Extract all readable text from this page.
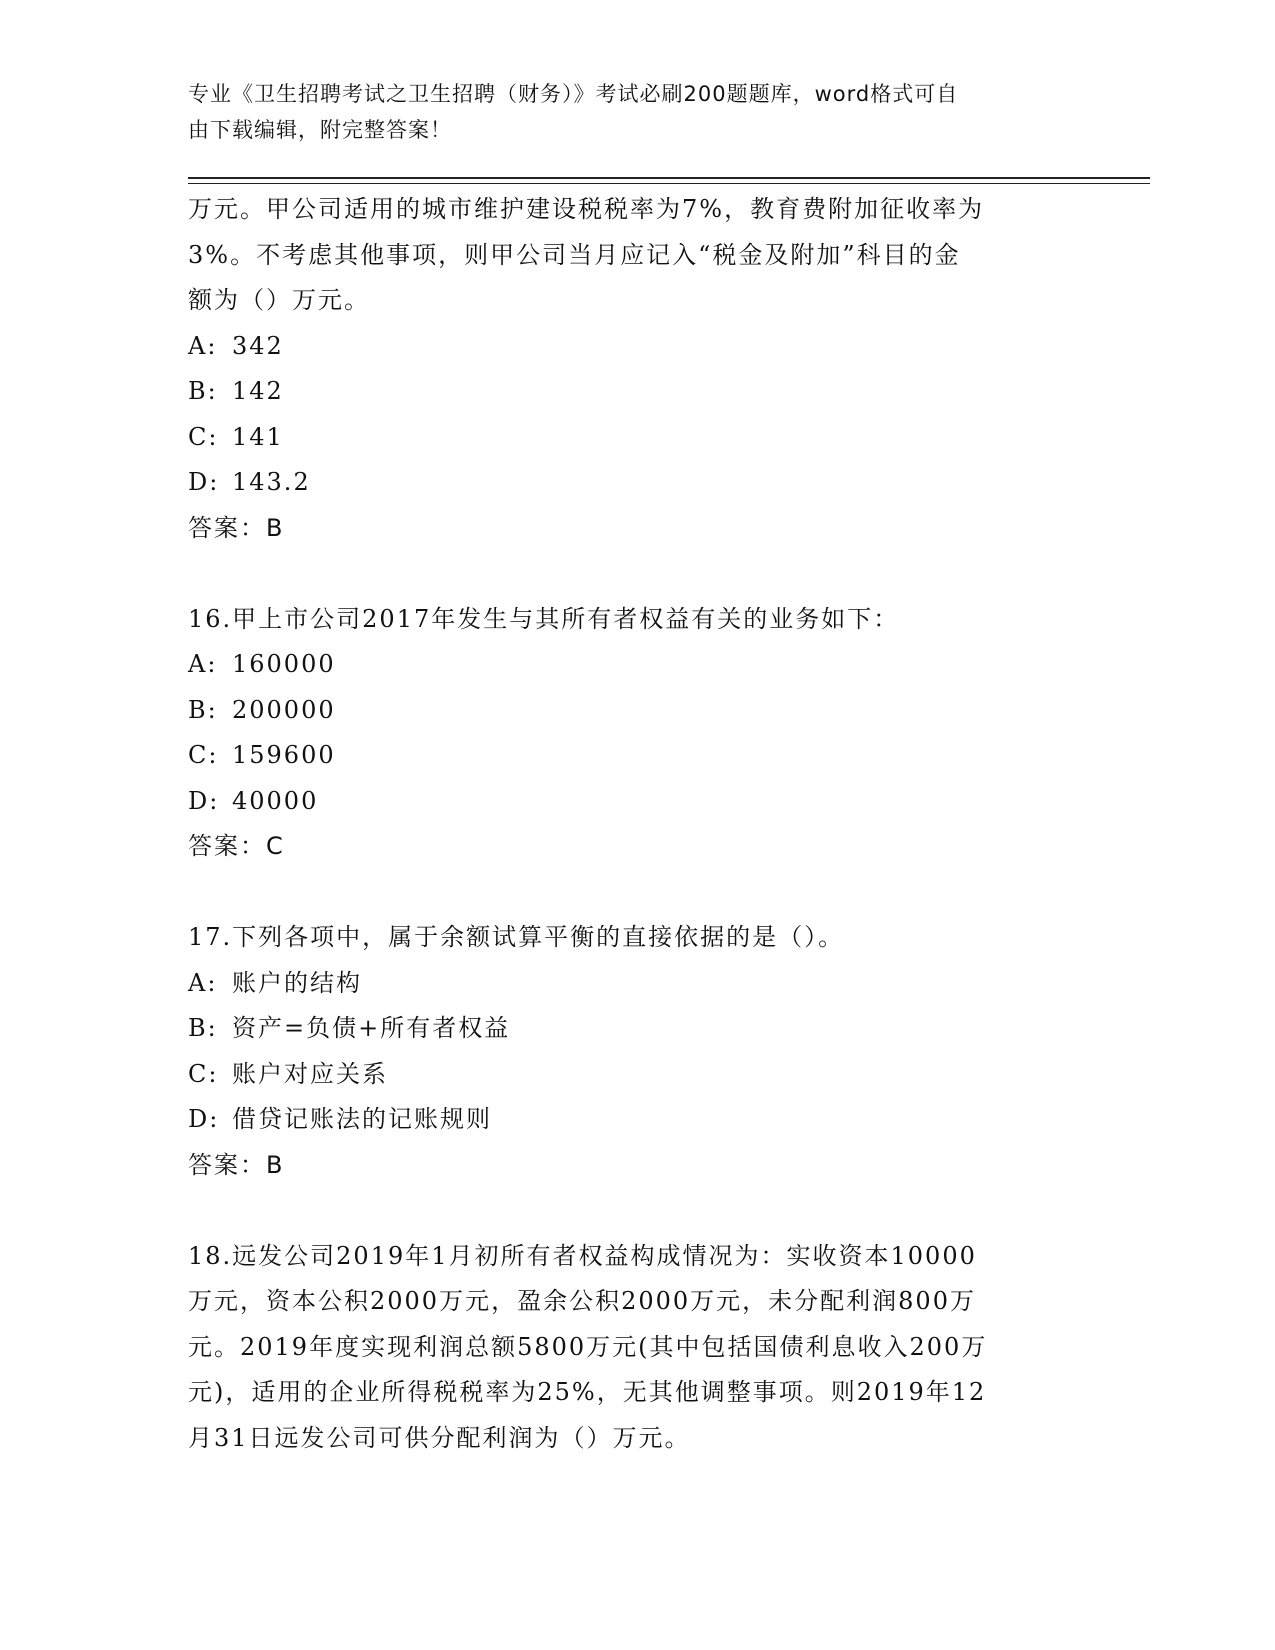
专业《卫生招聘考试之卫生招聘（财务）》考试必刷200题题库，word格式可自
由下载编辑，附完整答案！
万元。甲公司适用的城市维护建设税税率为7%，教育费附加征收率为
3%。不考虑其他事项，则甲公司当月应记入“税金及附加”科目的金
额为（）万元。
A: 342
B: 142
C: 141
D: 143.2
答案：B
16.甲上市公司2017年发生与其所有者权益有关的业务如下：
A: 160000
B: 200000
C: 159600
D: 40000
答案：C
17.下列各项中，属于余额试算平衡的直接依据的是（）。
A: 账户的结构
B: 资产=负债+所有者权益
C: 账户对应关系
D: 借贷记账法的记账规则
答案：B
18.远发公司2019年1月初所有者权益构成情况为：实收资本10000
万元，资本公积2000万元，盈余公积2000万元，未分配利润800万
元。2019年度实现利润总额5800万元(其中包括国债利息收入200万
元)，适用的企业所得税税率为25%，无其他调整事项。则2019年12
月31日远发公司可供分配利润为（）万元。
